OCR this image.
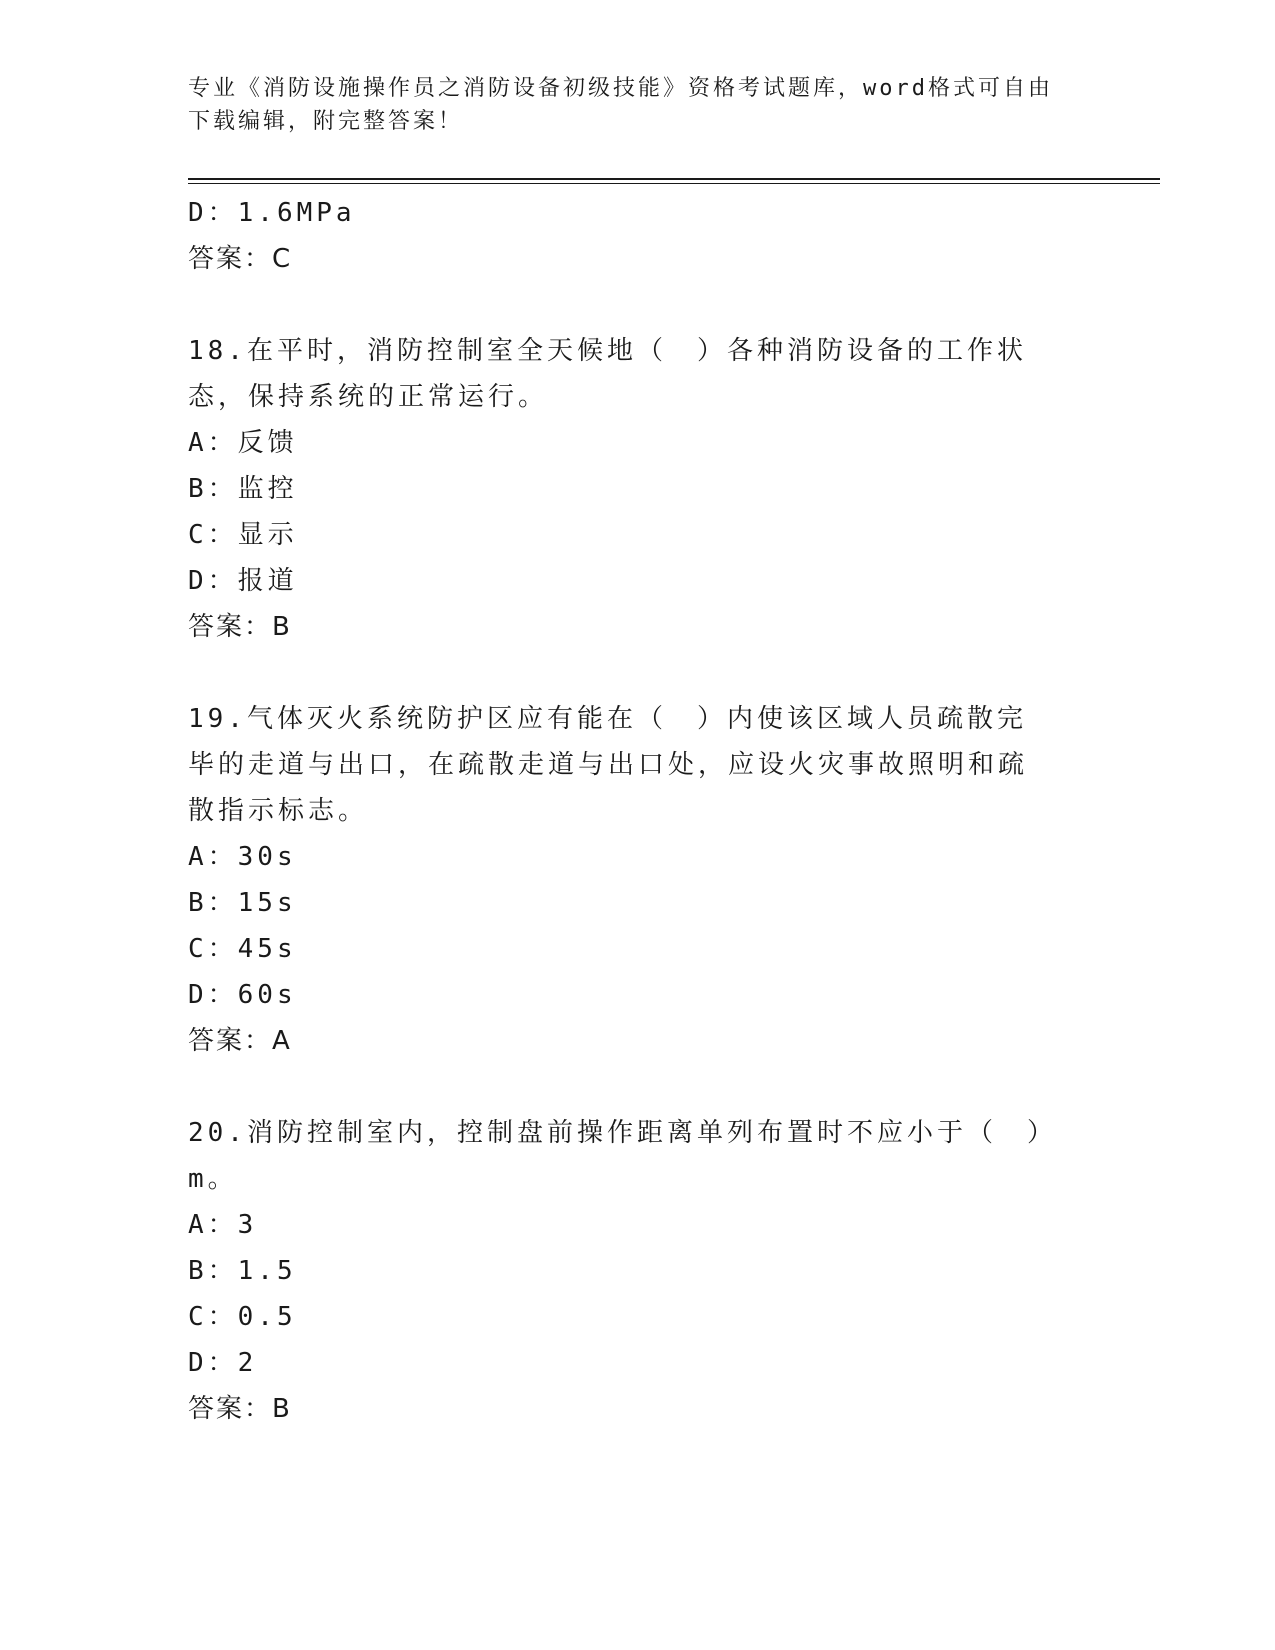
专业《消防设施操作员之消防设备初级技能》资格考试题库，word格式可自由下载编辑，附完整答案！
D：1.6MPa
答案：C
18.在平时，消防控制室全天候地（　）各种消防设备的工作状态，保持系统的正常运行。
A：反馈
B：监控
C：显示
D：报道
答案：B
19.气体灭火系统防护区应有能在（　）内使该区域人员疏散完毕的走道与出口，在疏散走道与出口处，应设火灾事故照明和疏散指示标志。
A：30s
B：15s
C：45s
D：60s
答案：A
20.消防控制室内，控制盘前操作距离单列布置时不应小于（　）m。
A：3
B：1.5
C：0.5
D：2
答案：B
